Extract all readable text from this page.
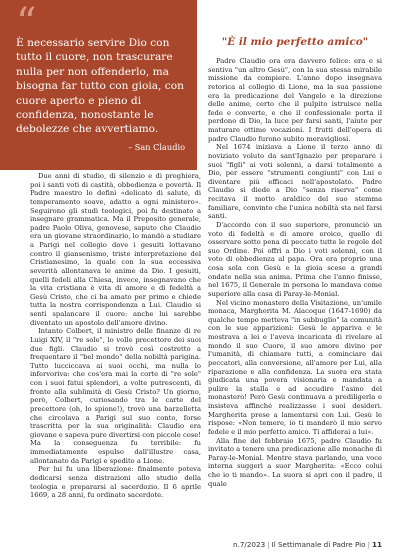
“
È necessario servire Dio con tutto il cuore, non trascurare nulla per non offenderlo, ma bisogna far tutto con gioia, con cuore aperto e pieno di confidenza, nonostante le debolezze che avvertiamo.
– San Claudio

Due anni di studio, di silenzio e di preghiera, poi i santi voti di castità, obbedienza e povertà. Il Padre maestro lo definì «delicato di salute, di temperamento soave, adatto a ogni ministero». Seguirono gli studi teologici, poi fu destinato a insegnare grammatica. Ma il Preposito generale, padre Paolo Oliva, genovese, saputo che Claudio era un giovane straordinario, lo mandò a studiare a Parigi nel collegio dove i gesuiti lottavano contro il giansenismo, triste interpretazione del Cristianesimo, la quale con la sua eccessiva severità allontanava le anime da Dio. I gesuiti, quelli fedeli alla Chiesa, invece, insegnavano che la vita cristiana è vita di amore e di fedeltà a Gesù Cristo, che ci ha amato per primo e chiede tutta la nostra corrispondenza a Lui. Claudio si sentì spalancare il cuore: anche lui sarebbe diventato un apostolo dell'amore divino.

Intanto Colbert, il ministro delle finanze di re Luigi XIV, il "re sole", lo volle precettore dei suoi due figli. Claudio si trovò così costretto a frequentare il "bel mondo" della nobiltà parigina. Tutto lucciccava ai suoi occhi, ma nulla lo infervoriva: che cos'era mai la corte di "re sole" con i suoi fatui splendori, a volte putrescenti, di fronte alla sublimità di Gesù Cristo? Un giorno, però, Colbert, curiosando tra le carte del precettore (oh, lo spione!), trovò una barzelletta che circolava a Parigi sul suo conto, forse trascritta per la sua originalità: Claudio era giovane e sapeva pure divertirsi con piccole cose! Ma la conseguenza fu terribile: fu immediatamente espulso dall'illustre casa, allontanato da Parigi e spedito a Lione.

Per lui fu una liberazione: finalmente poteva dedicarsi senza distrazioni allo studio della teologia e prepararsi al sacerdozio. Il 6 aprile 1669, a 28 anni, fu ordinato sacerdote.

"È il mio perfetto amico"

Padre Claudio ora era davvero felice: era e si sentiva "un altro Gesù", con la sua stessa mirabile missione da compiere. L'anno dopo insegnava retorica al collegio di Lione, ma la sua passione era la predicazione del Vangelo e la direzione delle anime, certo che il pulpito istruisce nella fede e converte, e che il confessionale porta il perdono di Dio, la luce per farsi santi, l'aiuto per maturare ottime vocazioni. I frutti dell'opera di padre Claudio furono subito meravigliosi.

Nel 1674 iniziava a Lione il terzo anno di noviziato voluto da sant'Ignazio per preparare i suoi "figli" ai voti solenni, a darsi totalmente a Dio, per essere "strumenti congiunti" con Lui e diventare più efficaci nell'apostolato. Padre Claudio si diede a Dio "senza riserva" come recitava il motto araldico del suo stemma familiare, convinto che l'unica nobiltà sta nel farsi santi.

D'accordo con il suo superiore, pronunciò un voto di fedeltà e di amore eroico, quello di osservare sotto pena di peccato tutte le regole del suo Ordine. Poi offrì a Dio i voti solenni, con il voto di obbedienza al papa. Ora era proprio una cosa sola con Gesù e la gioia scese a grandi ondate nella sua anima. Prima che l'anno finisse, nel 1675, il Generale in persona lo mandava come superiore alla casa di Paray-le-Monial.

Nel vicino monastero della Visitazione, un'umile monaca, Margherita M. Alacoque (1647-1690) da qualche tempo metteva "in subbuglio" la comunità con le sue apparizioni: Gesù le appariva e le mostrava a lei e l'aveva incaricata di rivelare al mondo il suo Cuore, il suo amore divino per l'umanità, di chiamare tutti, a cominciare dai peccatori, alla conversione, all'amore per Lui, alla riparazione e alla confidenza. La suora era stata giudicata una povera visionaria e mandata a pulire la stalla e ad accudire l'asino del monastero! Però Gesù continuava a prediligerla e insisteva affinché realizzasse i suoi desideri. Margherita prese a lamentarsi con Lui. Gesù le rispose: «Non temere, io ti manderò il mio servo fedele e il mio perfetto amico. Ti affiderai a lui».

Alla fine del febbraio 1675, padre Claudio fu invitato a tenere una predicazione alle monache di Paray-le-Monial. Mentre stava parlando, una voce interna suggerì a suor Margherita: «Ecco colui che io ti mando». La suora si aprì con il padre, il quale

n.7/2023 | Il Settimanale di Padre Pio | 11
